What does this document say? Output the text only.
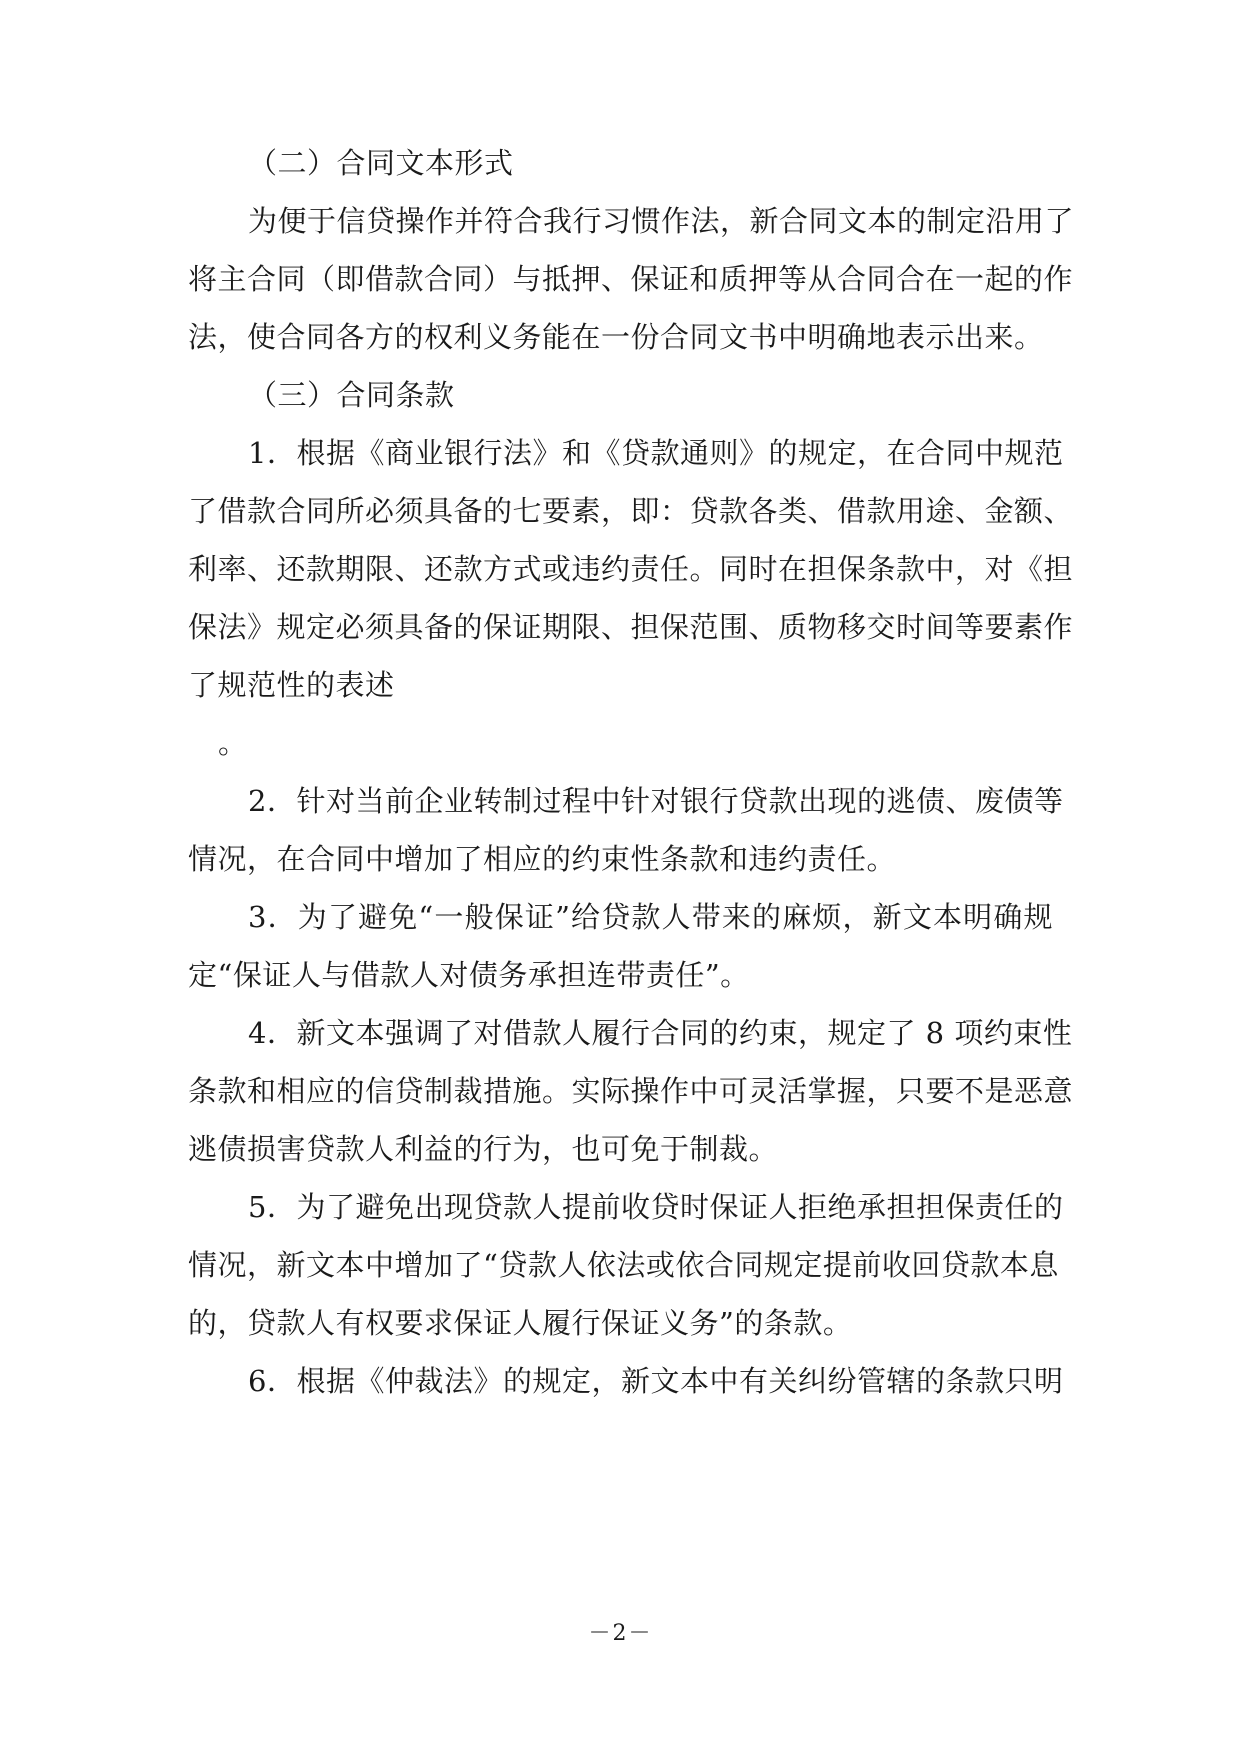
（二）合同文本形式
为便于信贷操作并符合我行习惯作法，新合同文本的制定沿用了
将主合同（即借款合同）与抵押、保证和质押等从合同合在一起的作
法，使合同各方的权利义务能在一份合同文书中明确地表示出来。
（三）合同条款
1．根据《商业银行法》和《贷款通则》的规定，在合同中规范
了借款合同所必须具备的七要素，即：贷款各类、借款用途、金额、
利率、还款期限、还款方式或违约责任。同时在担保条款中，对《担
保法》规定必须具备的保证期限、担保范围、质物移交时间等要素作
了规范性的表述
。
2．针对当前企业转制过程中针对银行贷款出现的逃债、废债等
情况，在合同中增加了相应的约束性条款和违约责任。
3．为了避免“一般保证”给贷款人带来的麻烦，新文本明确规
定“保证人与借款人对债务承担连带责任”。
4．新文本强调了对借款人履行合同的约束，规定了 8 项约束性
条款和相应的信贷制裁措施。实际操作中可灵活掌握，只要不是恶意
逃债损害贷款人利益的行为，也可免于制裁。
5．为了避免出现贷款人提前收贷时保证人拒绝承担担保责任的
情况，新文本中增加了“贷款人依法或依合同规定提前收回贷款本息
的，贷款人有权要求保证人履行保证义务”的条款。
6．根据《仲裁法》的规定，新文本中有关纠纷管辖的条款只明
－2－
